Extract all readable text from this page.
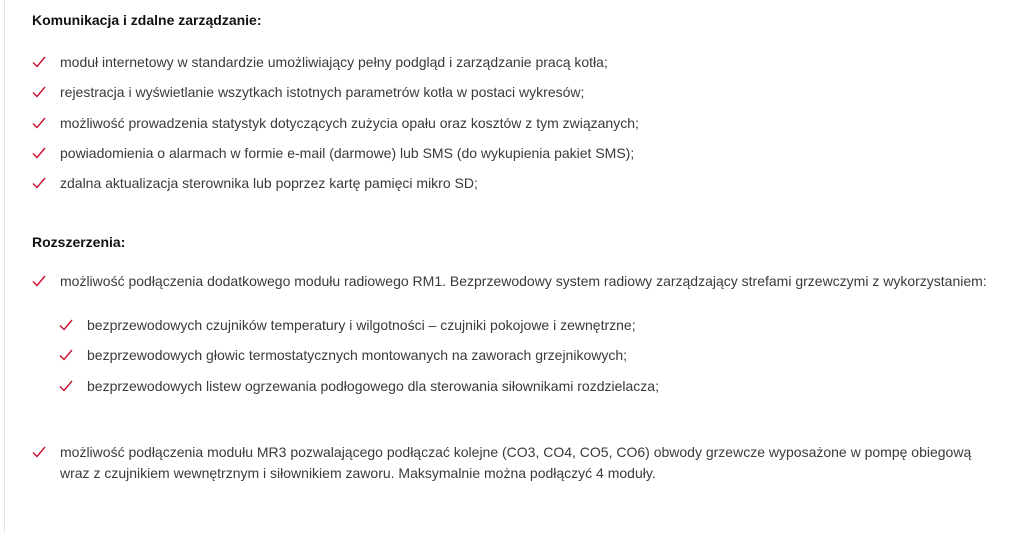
Komunikacja i zdalne zarządzanie:
moduł internetowy w standardzie umożliwiający pełny podgląd i zarządzanie pracą kotła;
rejestracja i wyświetlanie wszytkach istotnych parametrów kotła w postaci wykresów;
możliwość prowadzenia statystyk dotyczących zużycia opału oraz kosztów z tym związanych;
powiadomienia o alarmach w formie e-mail (darmowe) lub SMS (do wykupienia pakiet SMS);
zdalna aktualizacja sterownika lub poprzez kartę pamięci mikro SD;
Rozszerzenia:
możliwość podłączenia dodatkowego modułu radiowego RM1. Bezprzewodowy system radiowy zarządzający strefami grzewczymi z wykorzystaniem:
bezprzewodowych czujników temperatury i wilgotności – czujniki pokojowe i zewnętrzne;
bezprzewodowych głowic termostatycznych montowanych na zaworach grzejnikowych;
bezprzewodowych listew ogrzewania podłogowego dla sterowania siłownikami rozdzielacza;
możliwość podłączenia modułu MR3 pozwalającego podłączać kolejne (CO3, CO4, CO5, CO6) obwody grzewcze wyposażone w pompę obiegową wraz z czujnikiem wewnętrznym i siłownikiem zaworu. Maksymalnie można podłączyć 4 moduły.
